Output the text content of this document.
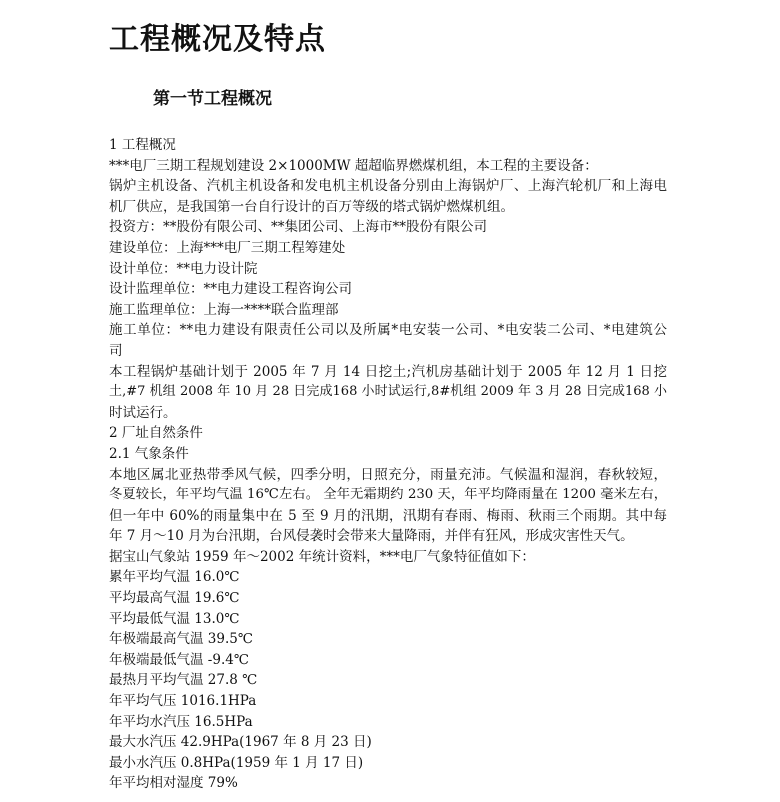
工程概况及特点
第一节工程概况
1 工程概况
***电厂三期工程规划建设 2×1000MW 超超临界燃煤机组，本工程的主要设备：
锅炉主机设备、汽机主机设备和发电机主机设备分别由上海锅炉厂、上海汽轮机厂和上海电
机厂供应，是我国第一台自行设计的百万等级的塔式锅炉燃煤机组。
投资方：**股份有限公司、**集团公司、上海市**股份有限公司
建设单位：上海***电厂三期工程筹建处
设计单位：**电力设计院
设计监理单位：**电力建设工程咨询公司
施工监理单位：上海一****联合监理部
施工单位：**电力建设有限责任公司以及所属*电安装一公司、*电安装二公司、*电建筑公
司
本工程锅炉基础计划于 2005 年 7 月 14 日挖土;汽机房基础计划于 2005 年 12 月 1 日挖
土,#7 机组 2008 年 10 月 28 日完成168 小时试运行,8#机组 2009 年 3 月 28 日完成168 小
时试运行。
2 厂址自然条件
2.1 气象条件
本地区属北亚热带季风气候，四季分明，日照充分，雨量充沛。气候温和湿润，春秋较短，
冬夏较长，年平均气温 16℃左右。 全年无霜期约 230 天，年平均降雨量在 1200 毫米左右，
但一年中 60%的雨量集中在 5 至 9 月的汛期，汛期有春雨、梅雨、秋雨三个雨期。其中每
年 7 月～10 月为台汛期，台风侵袭时会带来大量降雨，并伴有狂风，形成灾害性天气。
据宝山气象站 1959 年～2002 年统计资料，***电厂气象特征值如下：
累年平均气温 16.0℃
平均最高气温 19.6℃
平均最低气温 13.0℃
年极端最高气温 39.5℃
年极端最低气温 -9.4℃
最热月平均气温 27.8 ℃
年平均气压 1016.1HPa
年平均水汽压 16.5HPa
最大水汽压 42.9HPa(1967 年 8 月 23 日)
最小水汽压 0.8HPa(1959 年 1 月 17 日)
年平均相对湿度 79%
